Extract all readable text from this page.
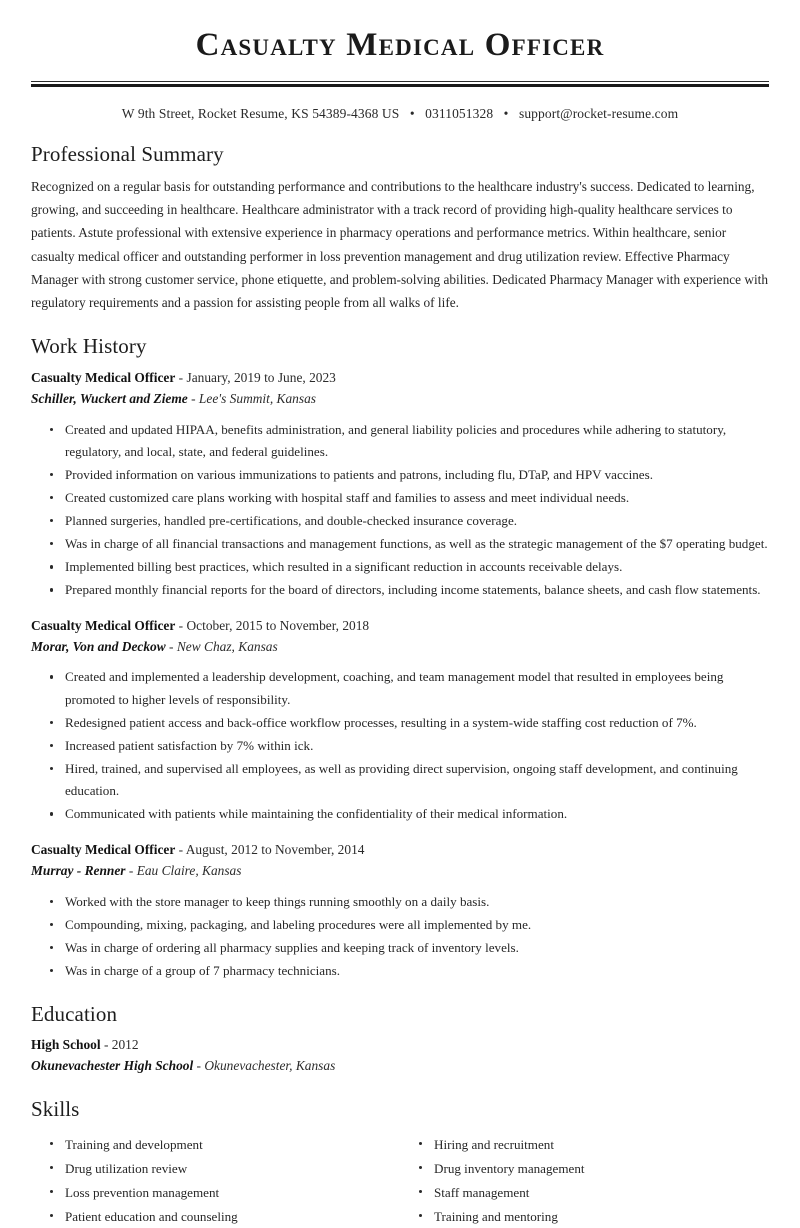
Casualty Medical Officer
W 9th Street, Rocket Resume, KS 54389-4368 US • 0311051328 • support@rocket-resume.com
Professional Summary

Recognized on a regular basis for outstanding performance and contributions to the healthcare industry's success. Dedicated to learning, growing, and succeeding in healthcare. Healthcare administrator with a track record of providing high-quality healthcare services to patients. Astute professional with extensive experience in pharmacy operations and performance metrics. Within healthcare, senior casualty medical officer and outstanding performer in loss prevention management and drug utilization review. Effective Pharmacy Manager with strong customer service, phone etiquette, and problem-solving abilities. Dedicated Pharmacy Manager with experience with regulatory requirements and a passion for assisting people from all walks of life.

Work History
Casualty Medical Officer - January, 2019 to June, 2023
Schiller, Wuckert and Zieme - Lee's Summit, Kansas
Created and updated HIPAA, benefits administration, and general liability policies and procedures while adhering to statutory, regulatory, and local, state, and federal guidelines.
Provided information on various immunizations to patients and patrons, including flu, DTaP, and HPV vaccines.
Created customized care plans working with hospital staff and families to assess and meet individual needs.
Planned surgeries, handled pre-certifications, and double-checked insurance coverage.
Was in charge of all financial transactions and management functions, as well as the strategic management of the $7 operating budget.
Implemented billing best practices, which resulted in a significant reduction in accounts receivable delays.
Prepared monthly financial reports for the board of directors, including income statements, balance sheets, and cash flow statements.
Casualty Medical Officer - October, 2015 to November, 2018
Morar, Von and Deckow - New Chaz, Kansas
Created and implemented a leadership development, coaching, and team management model that resulted in employees being promoted to higher levels of responsibility.
Redesigned patient access and back-office workflow processes, resulting in a system-wide staffing cost reduction of 7%.
Increased patient satisfaction by 7% within ick.
Hired, trained, and supervised all employees, as well as providing direct supervision, ongoing staff development, and continuing education.
Communicated with patients while maintaining the confidentiality of their medical information.
Casualty Medical Officer - August, 2012 to November, 2014
Murray - Renner - Eau Claire, Kansas
Worked with the store manager to keep things running smoothly on a daily basis.
Compounding, mixing, packaging, and labeling procedures were all implemented by me.
Was in charge of ordering all pharmacy supplies and keeping track of inventory levels.
Was in charge of a group of 7 pharmacy technicians.
Education
High School - 2012
Okunevachester High School - Okunevachester, Kansas
Skills
Training and development
Drug utilization review
Loss prevention management
Patient education and counseling
Hiring and recruitment
Drug inventory management
Staff management
Training and mentoring
